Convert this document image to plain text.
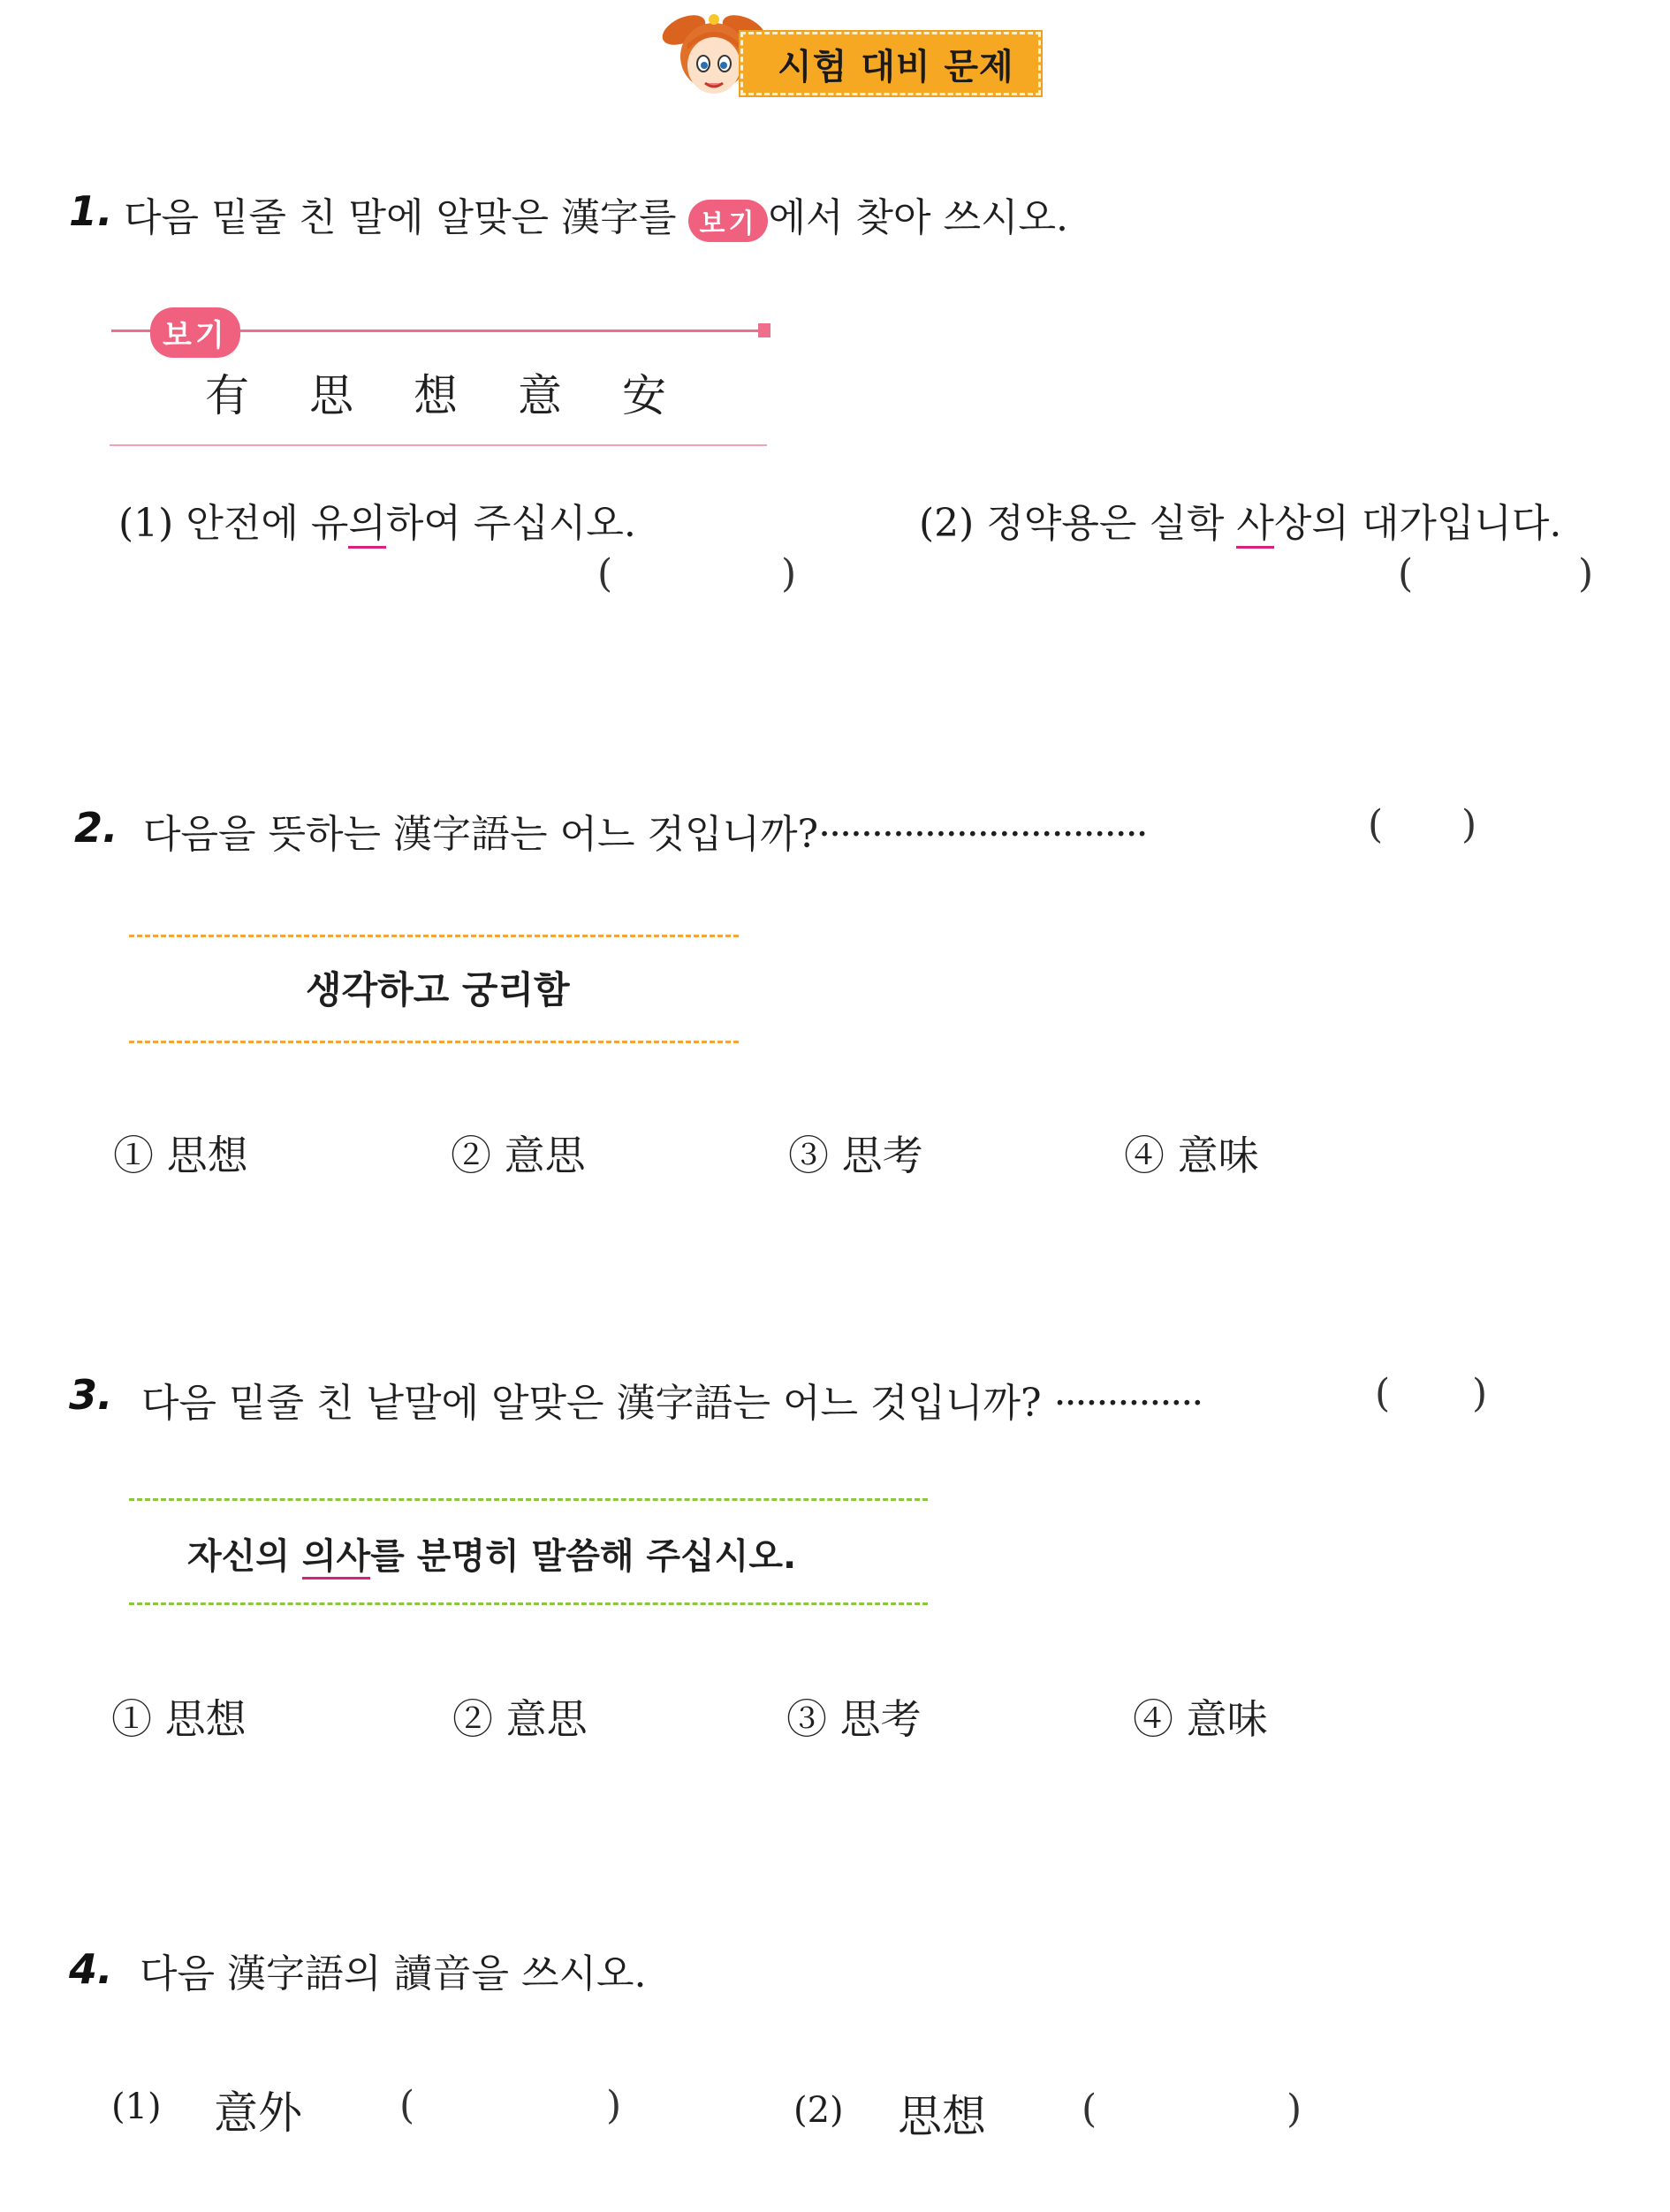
시험 대비 문제
1. 다음 밑줄 친 말에 알맞은 漢字를 보기 에서 찾아 쓰시오.
보기
有 思 想 意 安
(1) 안전에 유의하여 주십시오.
(	)
(2) 정약용은 실학 사상의 대가입니다.
(	)
2. 다음을 뜻하는 漢字語는 어느 것입니까?·······························	( )
생각하고 궁리함
① 思想	② 意思	③ 思考	④ 意味
3. 다음 밑줄 친 낱말에 알맞은 漢字語는 어느 것입니까? ··············	( )
자신의 의사를 분명히 말씀해 주십시오.
① 思想	② 意思	③ 思考	④ 意味
4. 다음 漢字語의 讀音을 쓰시오.
(1) 意外	(	)	(2) 思想 (	)
